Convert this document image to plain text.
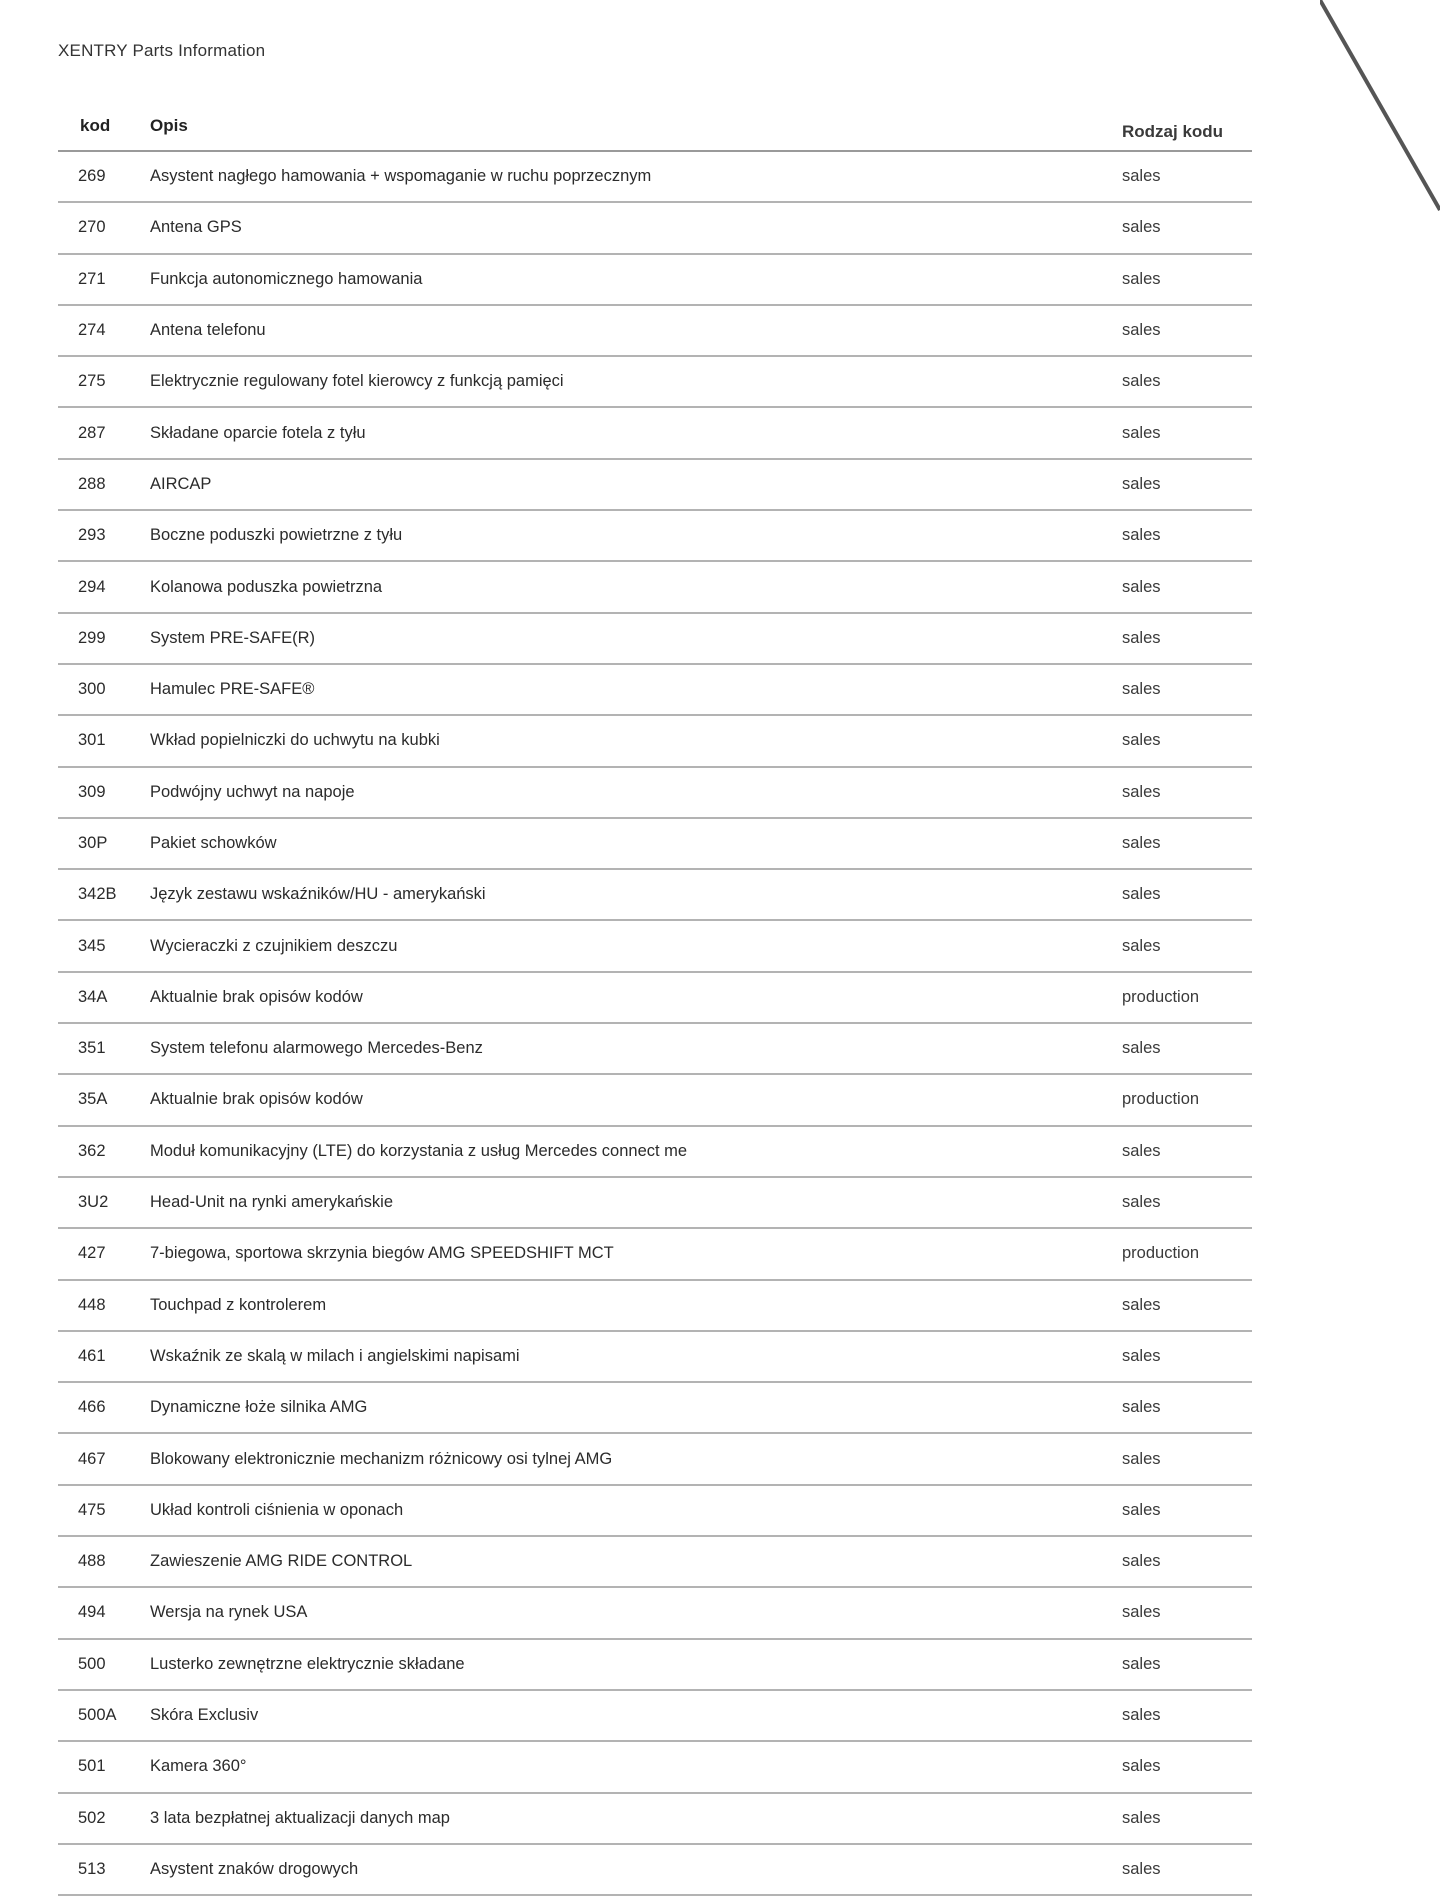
XENTRY Parts Information
kod	Opis	Rodzaj kodu
269	Asystent nagłego hamowania + wspomaganie w ruchu poprzecznym	sales
270	Antena GPS	sales
271	Funkcja autonomicznego hamowania	sales
274	Antena telefonu	sales
275	Elektrycznie regulowany fotel kierowcy z funkcją pamięci	sales
287	Składane oparcie fotela z tyłu	sales
288	AIRCAP	sales
293	Boczne poduszki powietrzne z tyłu	sales
294	Kolanowa poduszka powietrzna	sales
299	System PRE-SAFE(R)	sales
300	Hamulec PRE-SAFE®	sales
301	Wkład popielniczki do uchwytu na kubki	sales
309	Podwójny uchwyt na napoje	sales
30P	Pakiet schowków	sales
342B	Język zestawu wskaźników/HU - amerykański	sales
345	Wycieraczki z czujnikiem deszczu	sales
34A	Aktualnie brak opisów kodów	production
351	System telefonu alarmowego Mercedes-Benz	sales
35A	Aktualnie brak opisów kodów	production
362	Moduł komunikacyjny (LTE) do korzystania z usług Mercedes connect me	sales
3U2	Head-Unit na rynki amerykańskie	sales
427	7-biegowa, sportowa skrzynia biegów AMG SPEEDSHIFT MCT	production
448	Touchpad z kontrolerem	sales
461	Wskaźnik ze skalą w milach i angielskimi napisami	sales
466	Dynamiczne łoże silnika AMG	sales
467	Blokowany elektronicznie mechanizm różnicowy osi tylnej AMG	sales
475	Układ kontroli ciśnienia w oponach	sales
488	Zawieszenie AMG RIDE CONTROL	sales
494	Wersja na rynek USA	sales
500	Lusterko zewnętrzne elektrycznie składane	sales
500A	Skóra Exclusiv	sales
501	Kamera 360°	sales
502	3 lata bezpłatnej aktualizacji danych map	sales
513	Asystent znaków drogowych	sales
